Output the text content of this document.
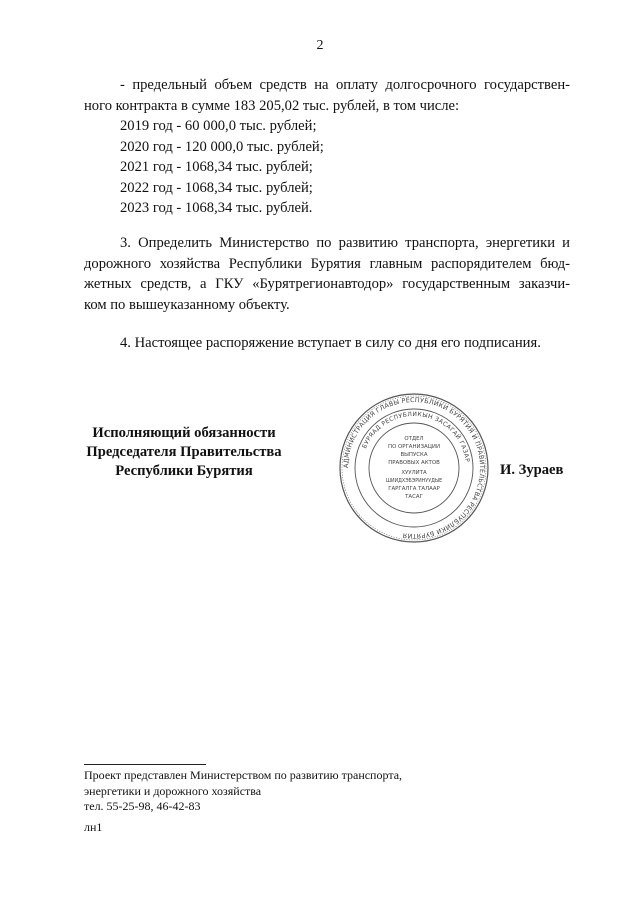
2
- предельный объем средств на оплату долгосрочного государствен-
ного контракта в сумме 183 205,02 тыс. рублей, в том числе:
2019 год - 60 000,0 тыс. рублей;
2020 год - 120 000,0 тыс. рублей;
2021 год - 1068,34 тыс. рублей;
2022 год - 1068,34 тыс. рублей;
2023 год - 1068,34 тыс. рублей.
3. Определить Министерство по развитию транспорта, энергетики и
дорожного хозяйства Республики Бурятия главным распорядителем бюд-
жетных средств, а ГКУ «Бурятрегионавтодор» государственным заказчи-
ком по вышеуказанному объекту.

4. Настоящее распоряжение вступает в силу со дня его подписания.

Исполняющий обязанности
Председателя Правительства
Республики Бурятия	И. Зураев
АДМИНИСТРАЦИЯ ГЛАВЫ РЕСПУБЛИКИ БУРЯТИЯ И ПРАВИТЕЛЬСТВА РЕСПУБЛИКИ БУРЯТИЯ
БУРЯАД РЕСПУБЛИКЫН ЗАСАГАЙ ГАЗАР
ОТДЕЛ
ПО ОРГАНИЗАЦИИ
ВЫПУСКА
ПРАВОВЫХ АКТОВ
ХУУЛИТА
ШИИДХЭБЭРИНУУДЫЕ
ГАРГАЛГА ТАЛААР
ТАСАГ
Проект представлен Министерством по развитию транспорта,
энергетики и дорожного хозяйства
тел. 55-25-98, 46-42-83
лн1
